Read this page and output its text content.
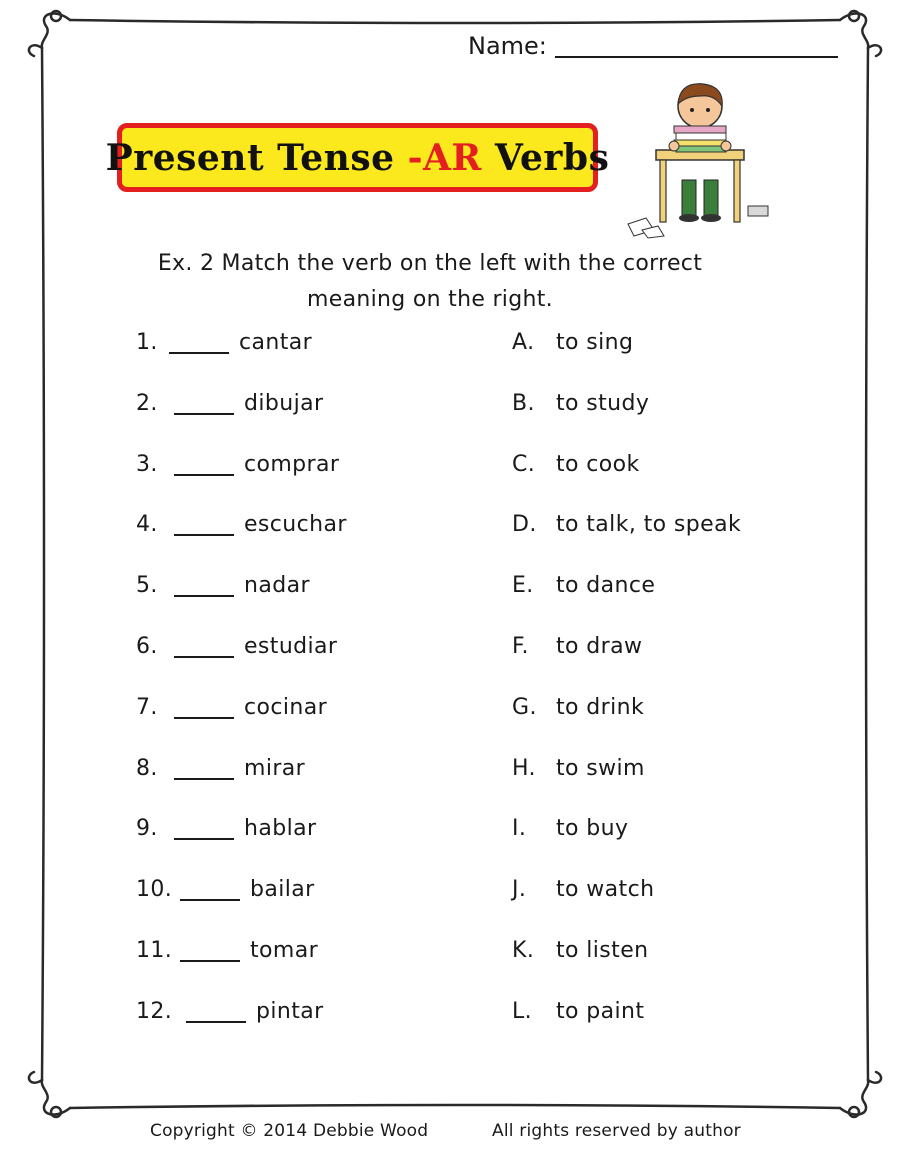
Name:
Present Tense -AR Verbs
Ex. 2 Match the verb on the left with the correct
meaning on the right.
1.	cantar	A. to sing
2.	dibujar	B. to study
3.	comprar	C. to cook
4.	escuchar	D. to talk, to speak
5.	nadar	E. to dance
6.	estudiar	F. to draw
7.	cocinar	G. to drink
8.	mirar	H. to swim
9.	hablar	I. to buy
10.	bailar	J. to watch
11.	tomar	K. to listen
12.	pintar	L. to paint
Copyright © 2014 Debbie Wood	All rights reserved by author
